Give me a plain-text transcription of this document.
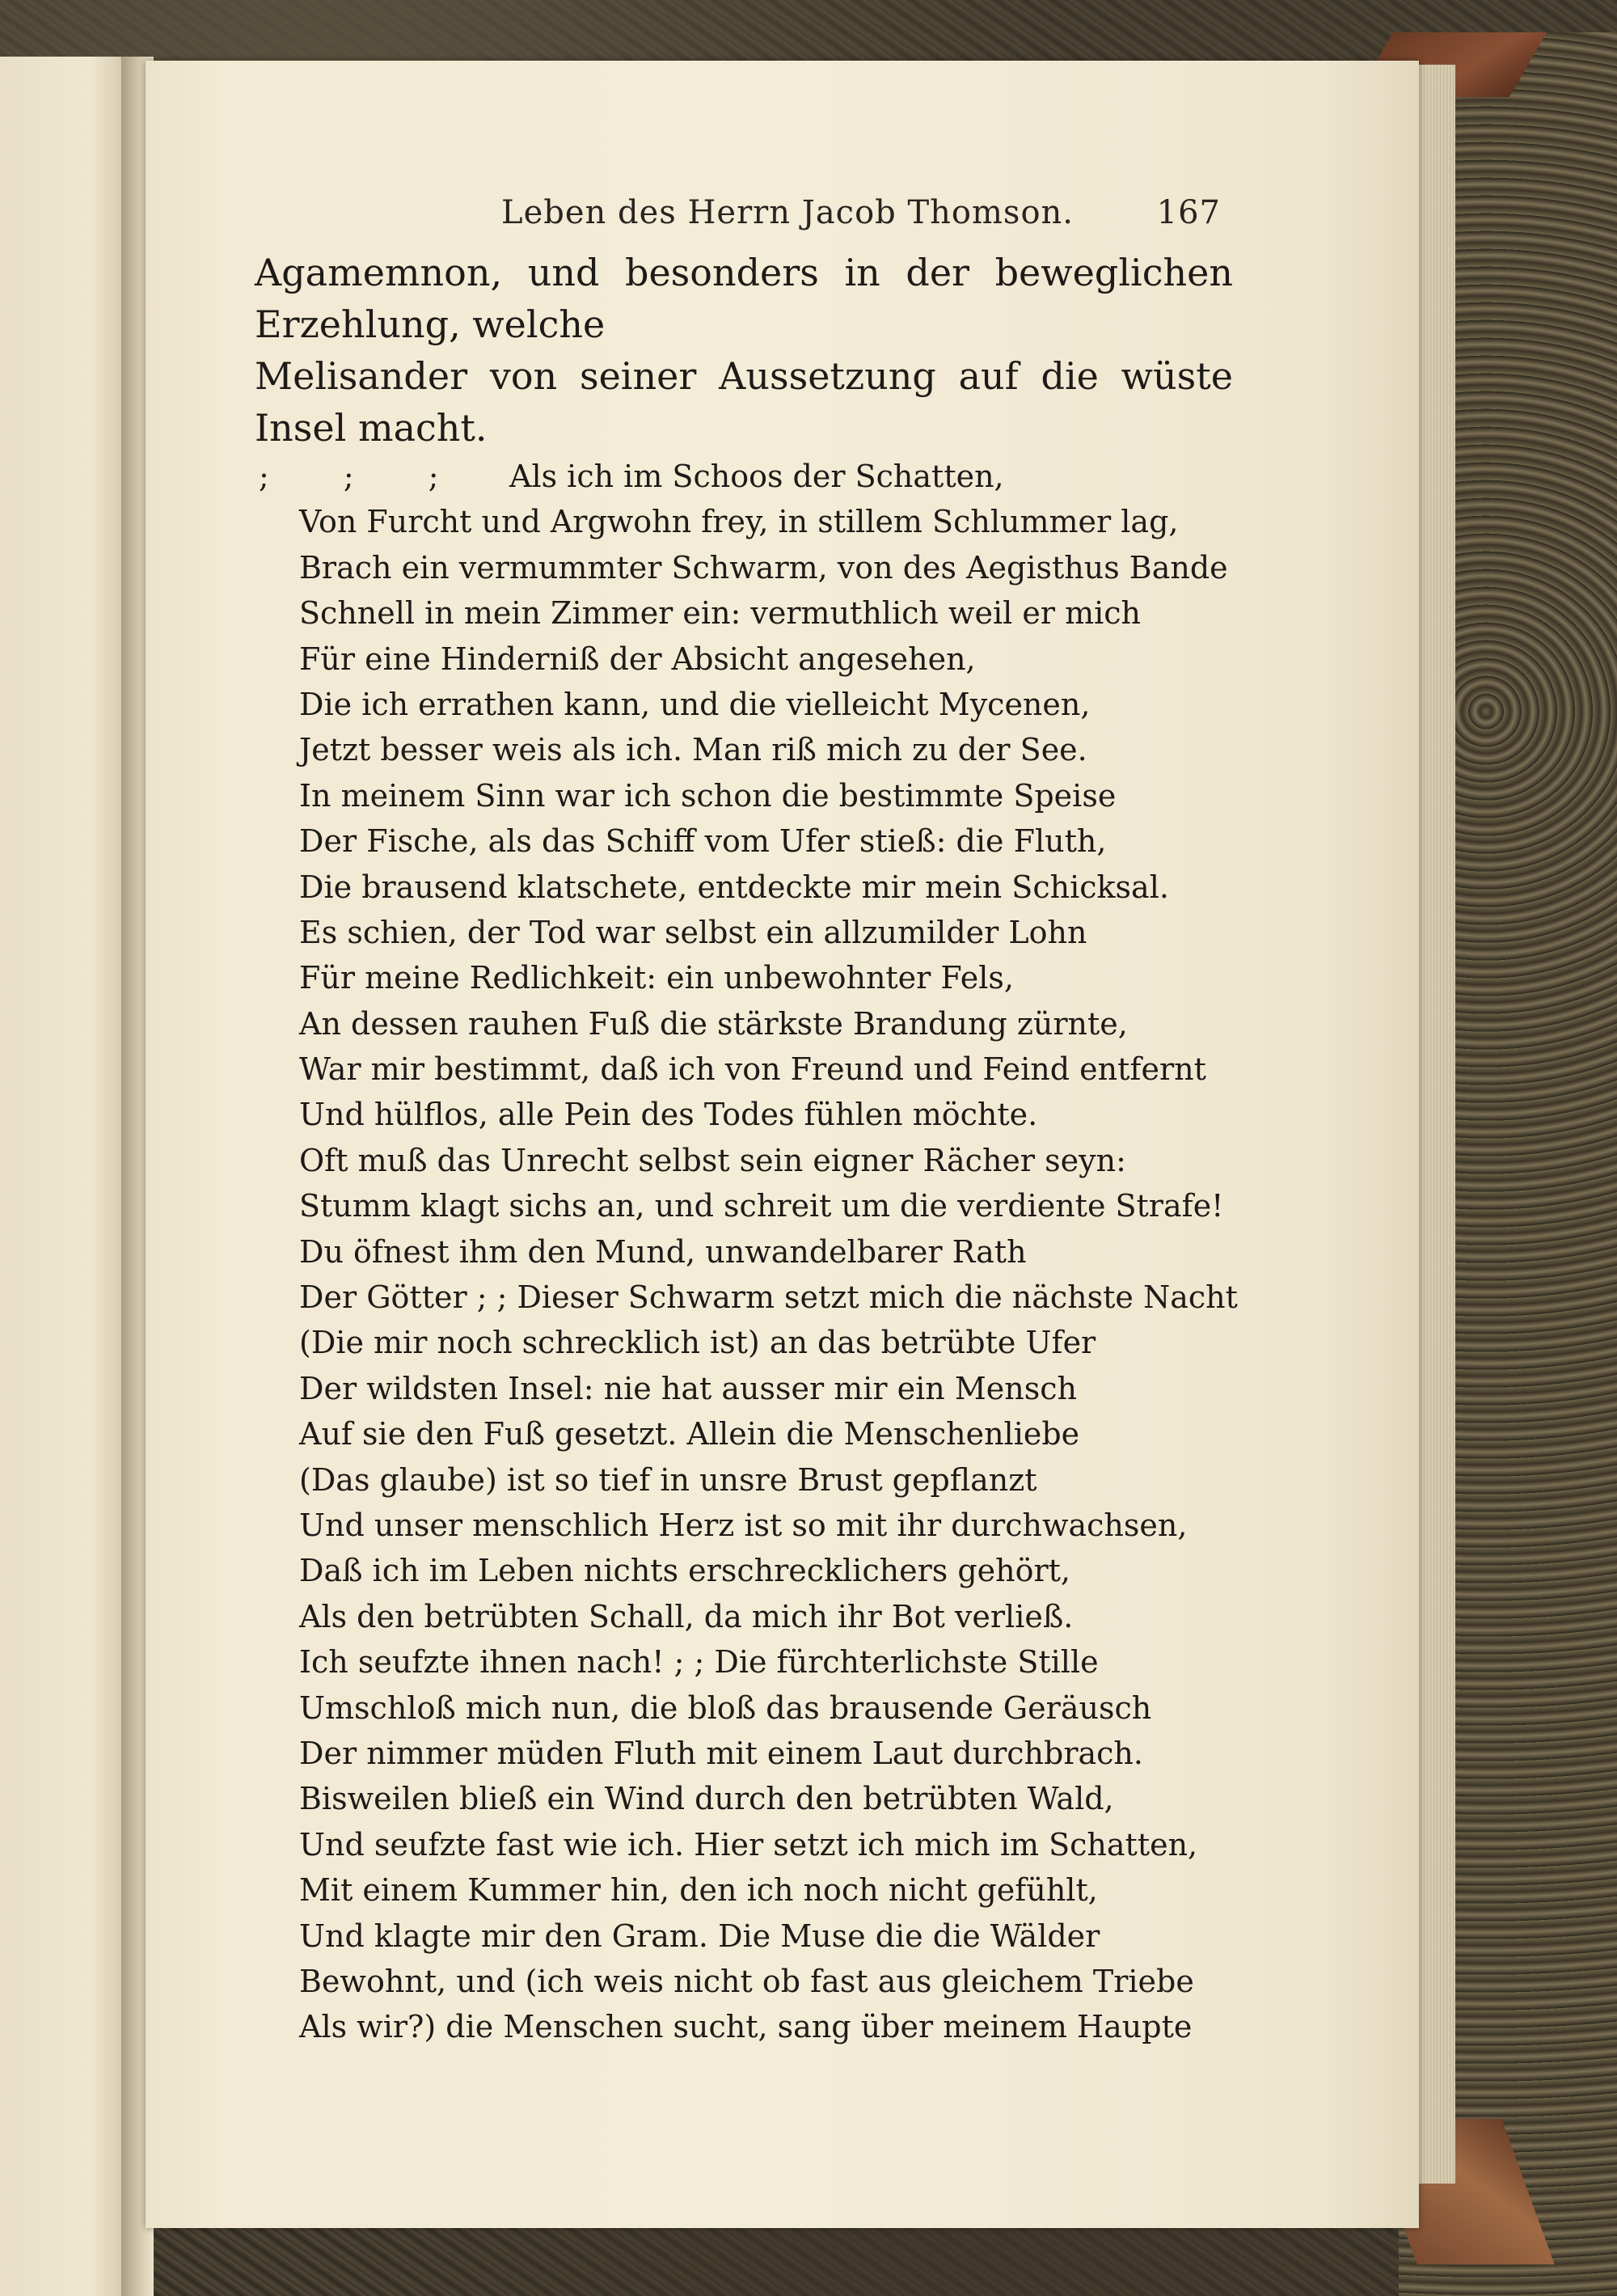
Leben des Herrn Jacob Thomson.	167

Agamemnon, und besonders in der beweglichen Erzehlung, welche
Melisander von seiner Aussetzung auf die wüste Insel macht.

; ; ; Als ich im Schoos der Schatten,
Von Furcht und Argwohn frey, in stillem Schlummer lag,
Brach ein vermummter Schwarm, von des Aegisthus Bande
Schnell in mein Zimmer ein: vermuthlich weil er mich
Für eine Hinderniß der Absicht angesehen,
Die ich errathen kann, und die vielleicht Mycenen,
Jetzt besser weis als ich. Man riß mich zu der See.
In meinem Sinn war ich schon die bestimmte Speise
Der Fische, als das Schiff vom Ufer stieß: die Fluth,
Die brausend klatschete, entdeckte mir mein Schicksal.
Es schien, der Tod war selbst ein allzumilder Lohn
Für meine Redlichkeit: ein unbewohnter Fels,
An dessen rauhen Fuß die stärkste Brandung zürnte,
War mir bestimmt, daß ich von Freund und Feind entfernt
Und hülflos, alle Pein des Todes fühlen möchte.
Oft muß das Unrecht selbst sein eigner Rächer seyn:
Stumm klagt sichs an, und schreit um die verdiente Strafe!
Du öfnest ihm den Mund, unwandelbarer Rath
Der Götter ; ; Dieser Schwarm setzt mich die nächste Nacht
(Die mir noch schrecklich ist) an das betrübte Ufer
Der wildsten Insel: nie hat ausser mir ein Mensch
Auf sie den Fuß gesetzt. Allein die Menschenliebe
(Das glaube) ist so tief in unsre Brust gepflanzt
Und unser menschlich Herz ist so mit ihr durchwachsen,
Daß ich im Leben nichts erschrecklichers gehört,
Als den betrübten Schall, da mich ihr Bot verließ.
Ich seufzte ihnen nach! ; ; Die fürchterlichste Stille
Umschloß mich nun, die bloß das brausende Geräusch
Der nimmer müden Fluth mit einem Laut durchbrach.
Bisweilen bließ ein Wind durch den betrübten Wald,
Und seufzte fast wie ich. Hier setzt ich mich im Schatten,
Mit einem Kummer hin, den ich noch nicht gefühlt,
Und klagte mir den Gram. Die Muse die die Wälder
Bewohnt, und (ich weis nicht ob fast aus gleichem Triebe
Als wir?) die Menschen sucht, sang über meinem Haupte
